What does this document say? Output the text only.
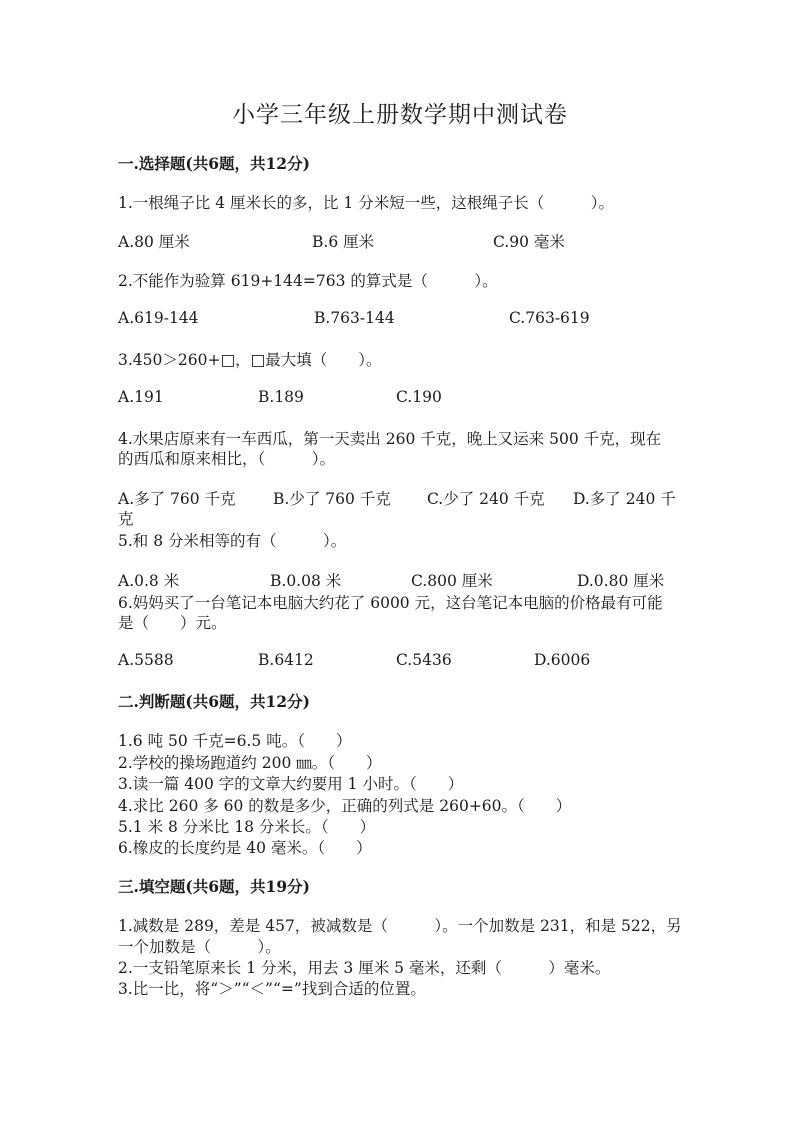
小学三年级上册数学期中测试卷
一.选择题(共6题，共12分)
1.一根绳子比 4 厘米长的多，比 1 分米短一些，这根绳子长（　　　）。
A.80 厘米	B.6 厘米	C.90 毫米
2.不能作为验算 619+144=763 的算式是（　　　）。
A.619-144	B.763-144	C.763-619
3.450＞260+□，□最大填（　　）。
A.191	B.189	C.190
4.水果店原来有一车西瓜，第一天卖出 260 千克，晚上又运来 500 千克，现在
的西瓜和原来相比，（　　　）。
A.多了 760 千克 B.少了 760 千克 C.少了 240 千克 D.多了 240 千
克
5.和 8 分米相等的有（　　　）。
A.0.8 米	B.0.08 米	C.800 厘米	D.0.80 厘米
6.妈妈买了一台笔记本电脑大约花了 6000 元，这台笔记本电脑的价格最有可能
是（　　）元。
A.5588	B.6412	C.5436	D.6006
二.判断题(共6题，共12分)
1.6 吨 50 千克=6.5 吨。（　　）
2.学校的操场跑道约 200 ㎜。（　　）
3.读一篇 400 字的文章大约要用 1 小时。（　　）
4.求比 260 多 60 的数是多少，正确的列式是 260+60。（　　）
5.1 米 8 分米比 18 分米长。（　　）
6.橡皮的长度约是 40 毫米。（　　）
三.填空题(共6题，共19分)
1.减数是 289，差是 457，被减数是（　　　）。一个加数是 231，和是 522，另
一个加数是（　　　）。
2.一支铅笔原来长 1 分米，用去 3 厘米 5 毫米，还剩（　　　）毫米。
3.比一比，将“＞”“＜”“=”找到合适的位置。
